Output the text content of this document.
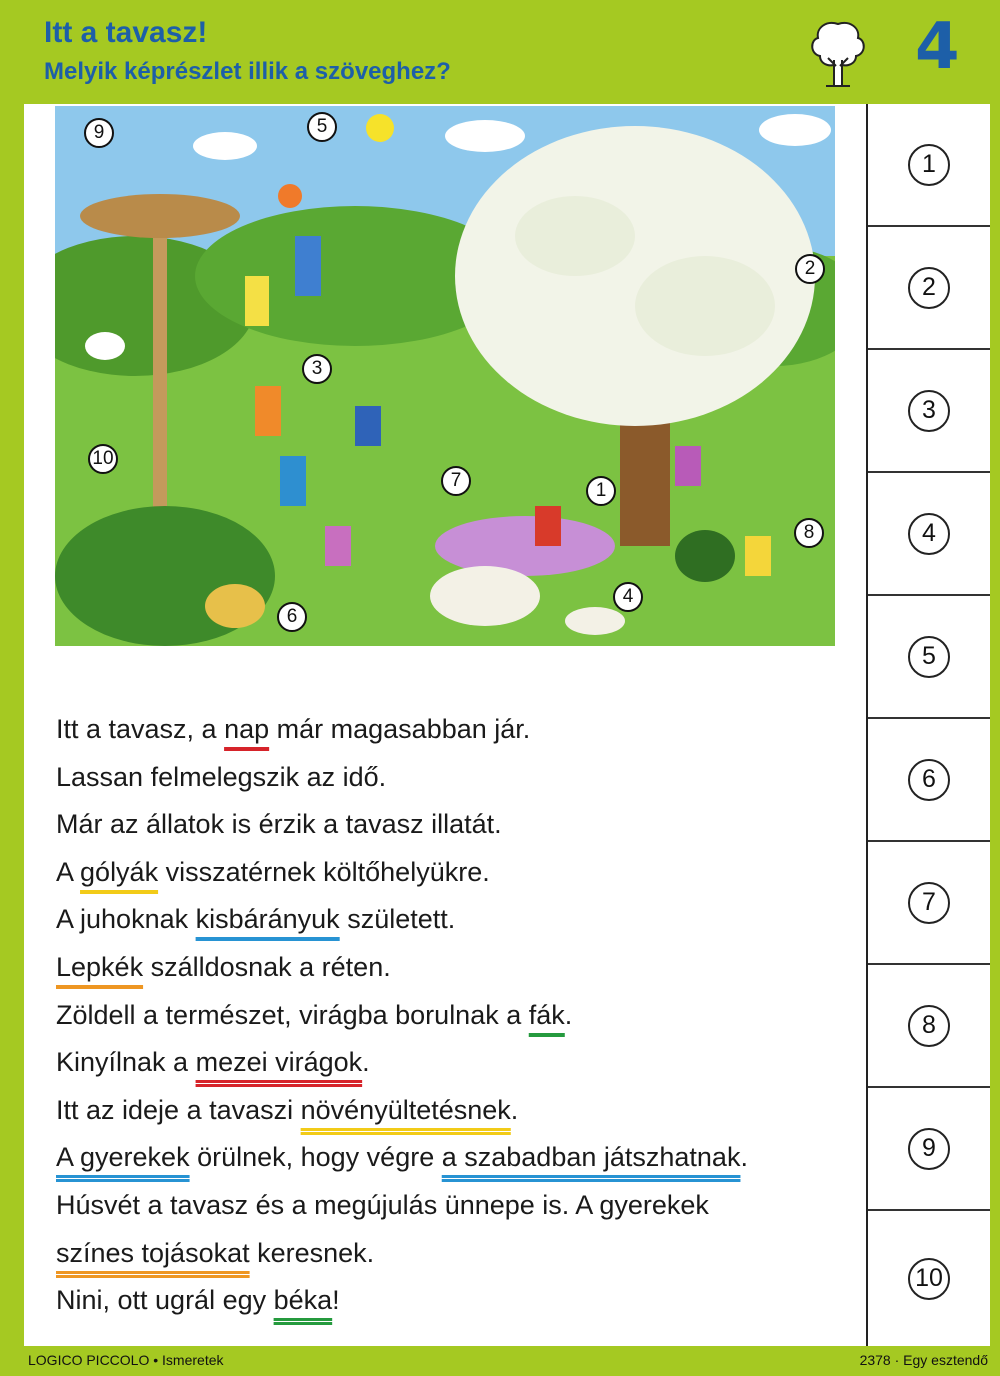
Itt a tavasz!
Melyik képrészlet illik a szöveghez?	4
9	5
2
3
10
7	1
8
6
4
1
2
3
4
5
6
7
8
9
10
Itt a tavasz, a nap már magasabban jár.
Lassan felmelegszik az idő.
Már az állatok is érzik a tavasz illatát.
A gólyák visszatérnek költőhelyükre.
A juhoknak kisbárányuk született.
Lepkék szálldosnak a réten.
Zöldell a természet, virágba borulnak a fák.
Kinyílnak a mezei virágok.
Itt az ideje a tavaszi növényültetésnek.
A gyerekek örülnek, hogy végre a szabadban játszhatnak.
Húsvét a tavasz és a megújulás ünnepe is. A gyerekek
színes tojásokat keresnek.
Nini, ott ugrál egy béka!
LOGICO PICCOLO • Ismeretek	2378 · Egy esztendő
